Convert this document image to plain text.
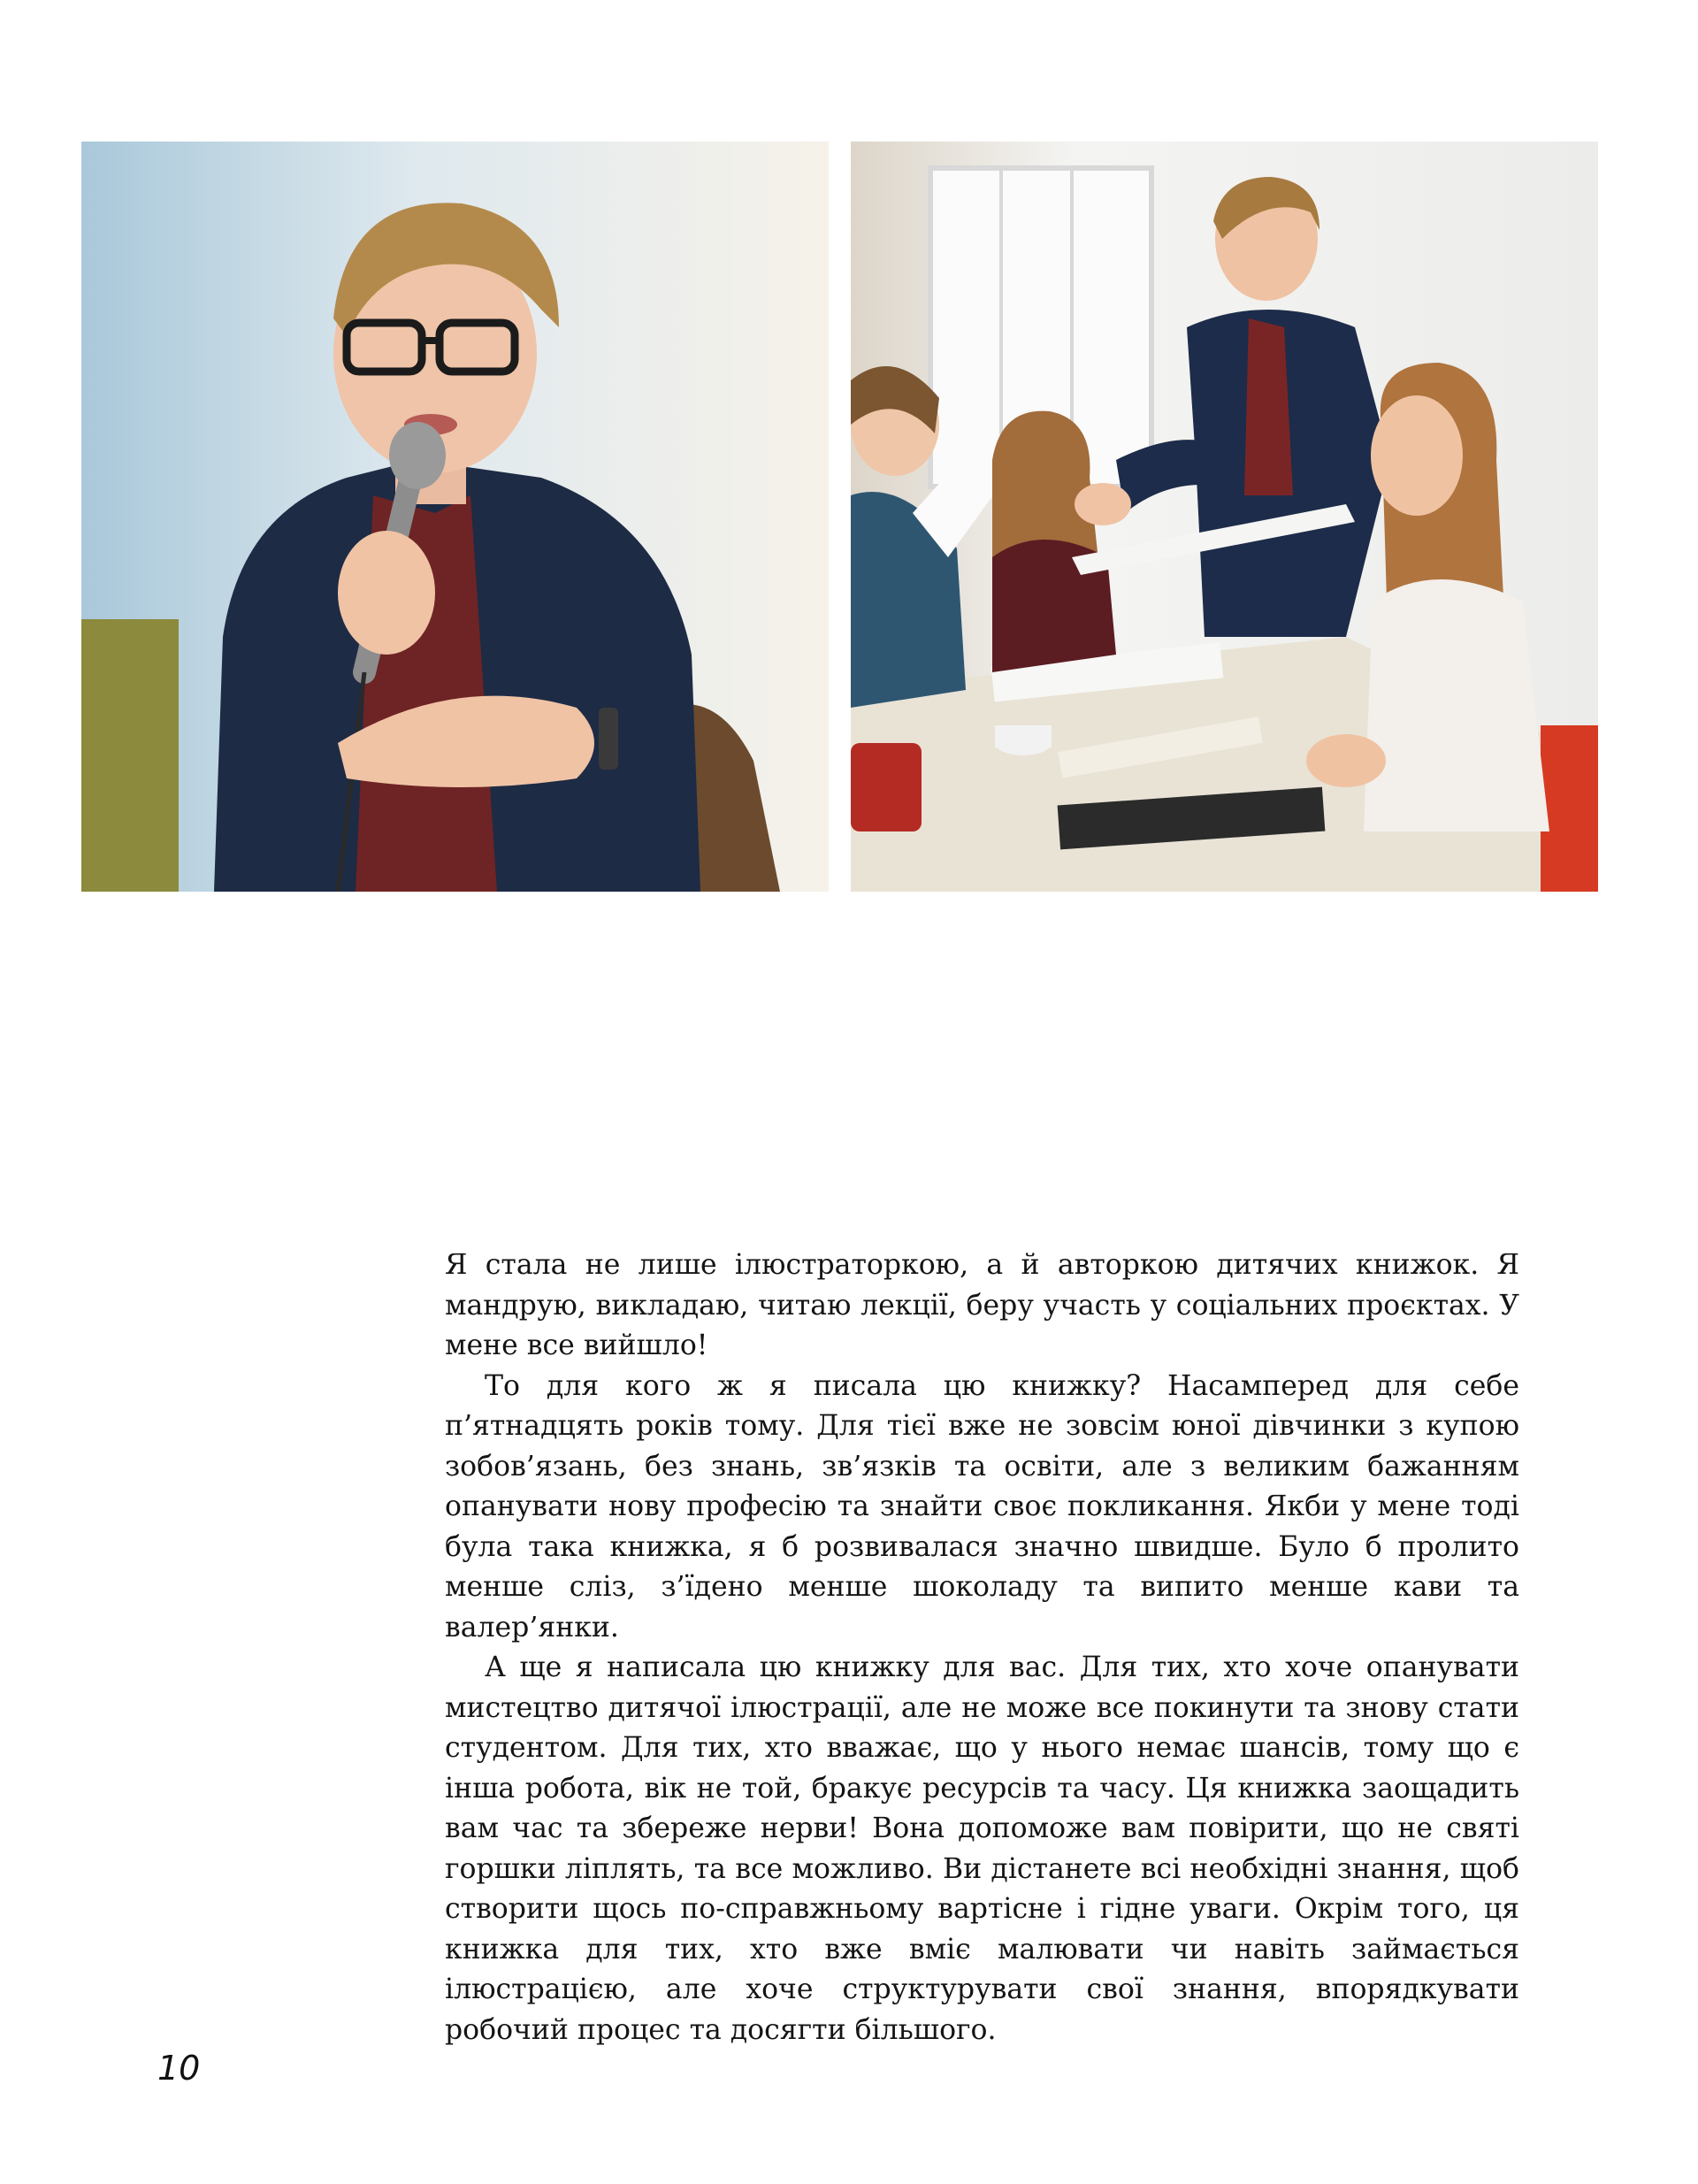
Я стала не лише ілюстраторкою, а й авторкою дитячих книжок. Я мандрую, викладаю, читаю лекції, беру участь у соціальних проєктах. У мене все вийшло!

То для кого ж я писала цю книжку? Насамперед для себе п’ятнадцять років тому. Для тієї вже не зовсім юної дівчинки з купою зобов’язань, без знань, зв’язків та освіти, але з великим бажанням опанувати нову професію та знайти своє покликання. Якби у мене тоді була така книжка, я б розвивалася значно швидше. Було б пролито менше сліз, з’їдено менше шоколаду та випито менше кави та валер’янки.

А ще я написала цю книжку для вас. Для тих, хто хоче опанувати мистецтво дитячої ілюстрації, але не може все покинути та знову стати студентом. Для тих, хто вважає, що у нього немає шансів, тому що є інша робота, вік не той, бракує ресурсів та часу. Ця книжка заощадить вам час та збереже нерви! Вона допоможе вам повірити, що не святі горшки ліплять, та все можливо. Ви дістанете всі необхідні знання, щоб створити щось по-справжньому вартісне і гідне уваги. Окрім того, ця книжка для тих, хто вже вміє малювати чи навіть займається ілюстрацією, але хоче структурувати свої знання, впорядкувати робочий процес та досягти більшого.

10
